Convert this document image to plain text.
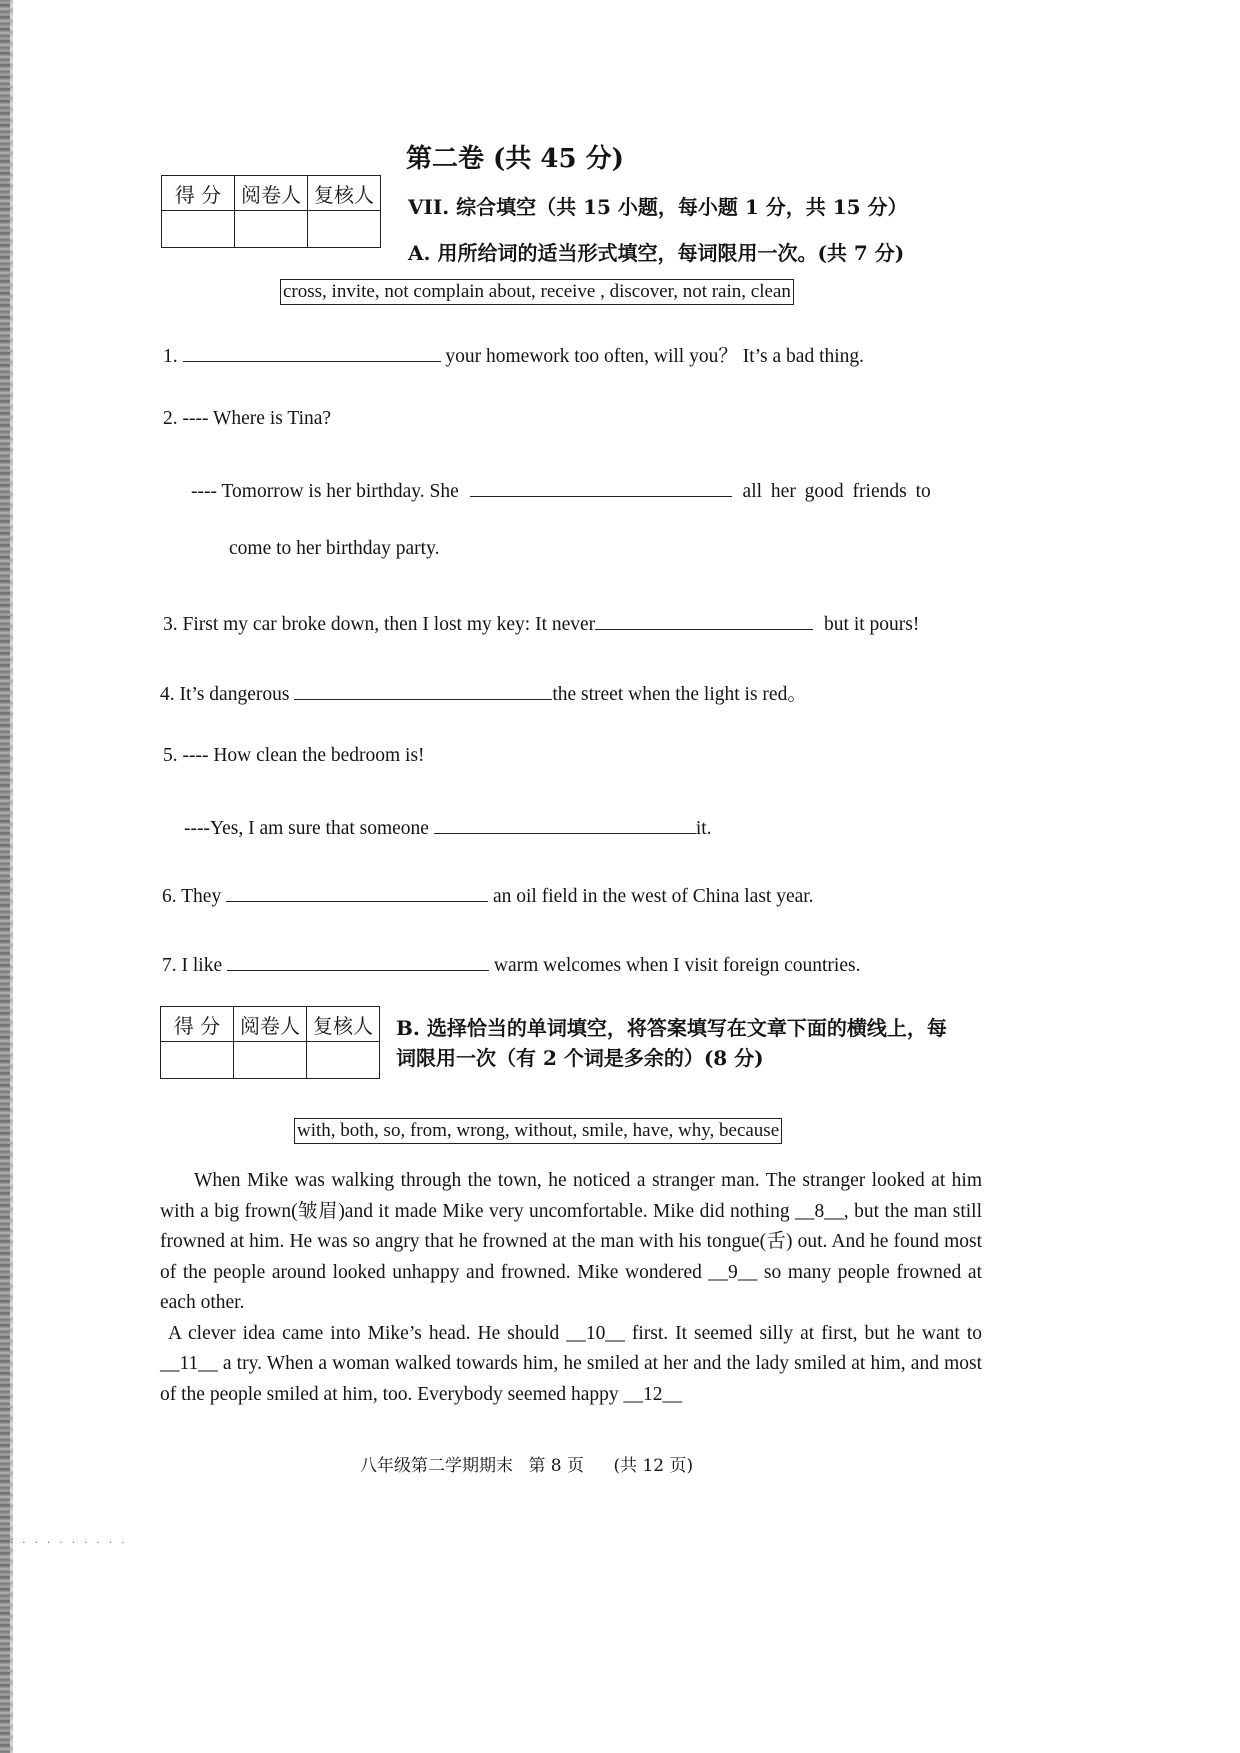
第二卷 (共 45 分)
得 分	阅卷人	复核人

VII. 综合填空（共 15 小题，每小题 1 分，共 15 分）
A. 用所给词的适当形式填空，每词限用一次。(共 7 分)
cross, invite, not complain about, receive , discover, not rain, clean
1.	your homework too often, will you？ It’s a bad thing.
2. ---- Where is Tina?
---- Tomorrow is her birthday. She	all her good friends to
come to her birthday party.
3. First my car broke down, then I lost my key: It never	but it pours!
4. It’s dangerous	the street when the light is red。
5. ---- How clean the bedroom is!
----Yes, I am sure that someone	it.
6. They	an oil field in the west of China last year.
7. I like	warm welcomes when I visit foreign countries.
得 分	阅卷人	复核人
		B. 选择恰当的单词填空，将答案填写在文章下面的横线上，每
词限用一次（有 2 个词是多余的）(8 分)
with, both, so, from, wrong, without, smile, have, why, because

When Mike was walking through the town, he noticed a stranger man. The stranger looked at him with a big frown(皱眉)and it made Mike very uncomfortable. Mike did nothing __8__, but the man still frowned at him. He was so angry that he frowned at the man with his tongue(舌) out. And he found most of the people around looked unhappy and frowned. Mike wondered __9__ so many people frowned at each other.

A clever idea came into Mike’s head. He should __10__ first. It seemed silly at first, but he want to __11__ a try. When a woman walked towards him, he smiled at her and the lady smiled at him, and most of the people smiled at him, too. Everybody seemed happy __12__

八年级第二学期期末 第 8 页 (共 12 页)
· · · · · · · · · ·
